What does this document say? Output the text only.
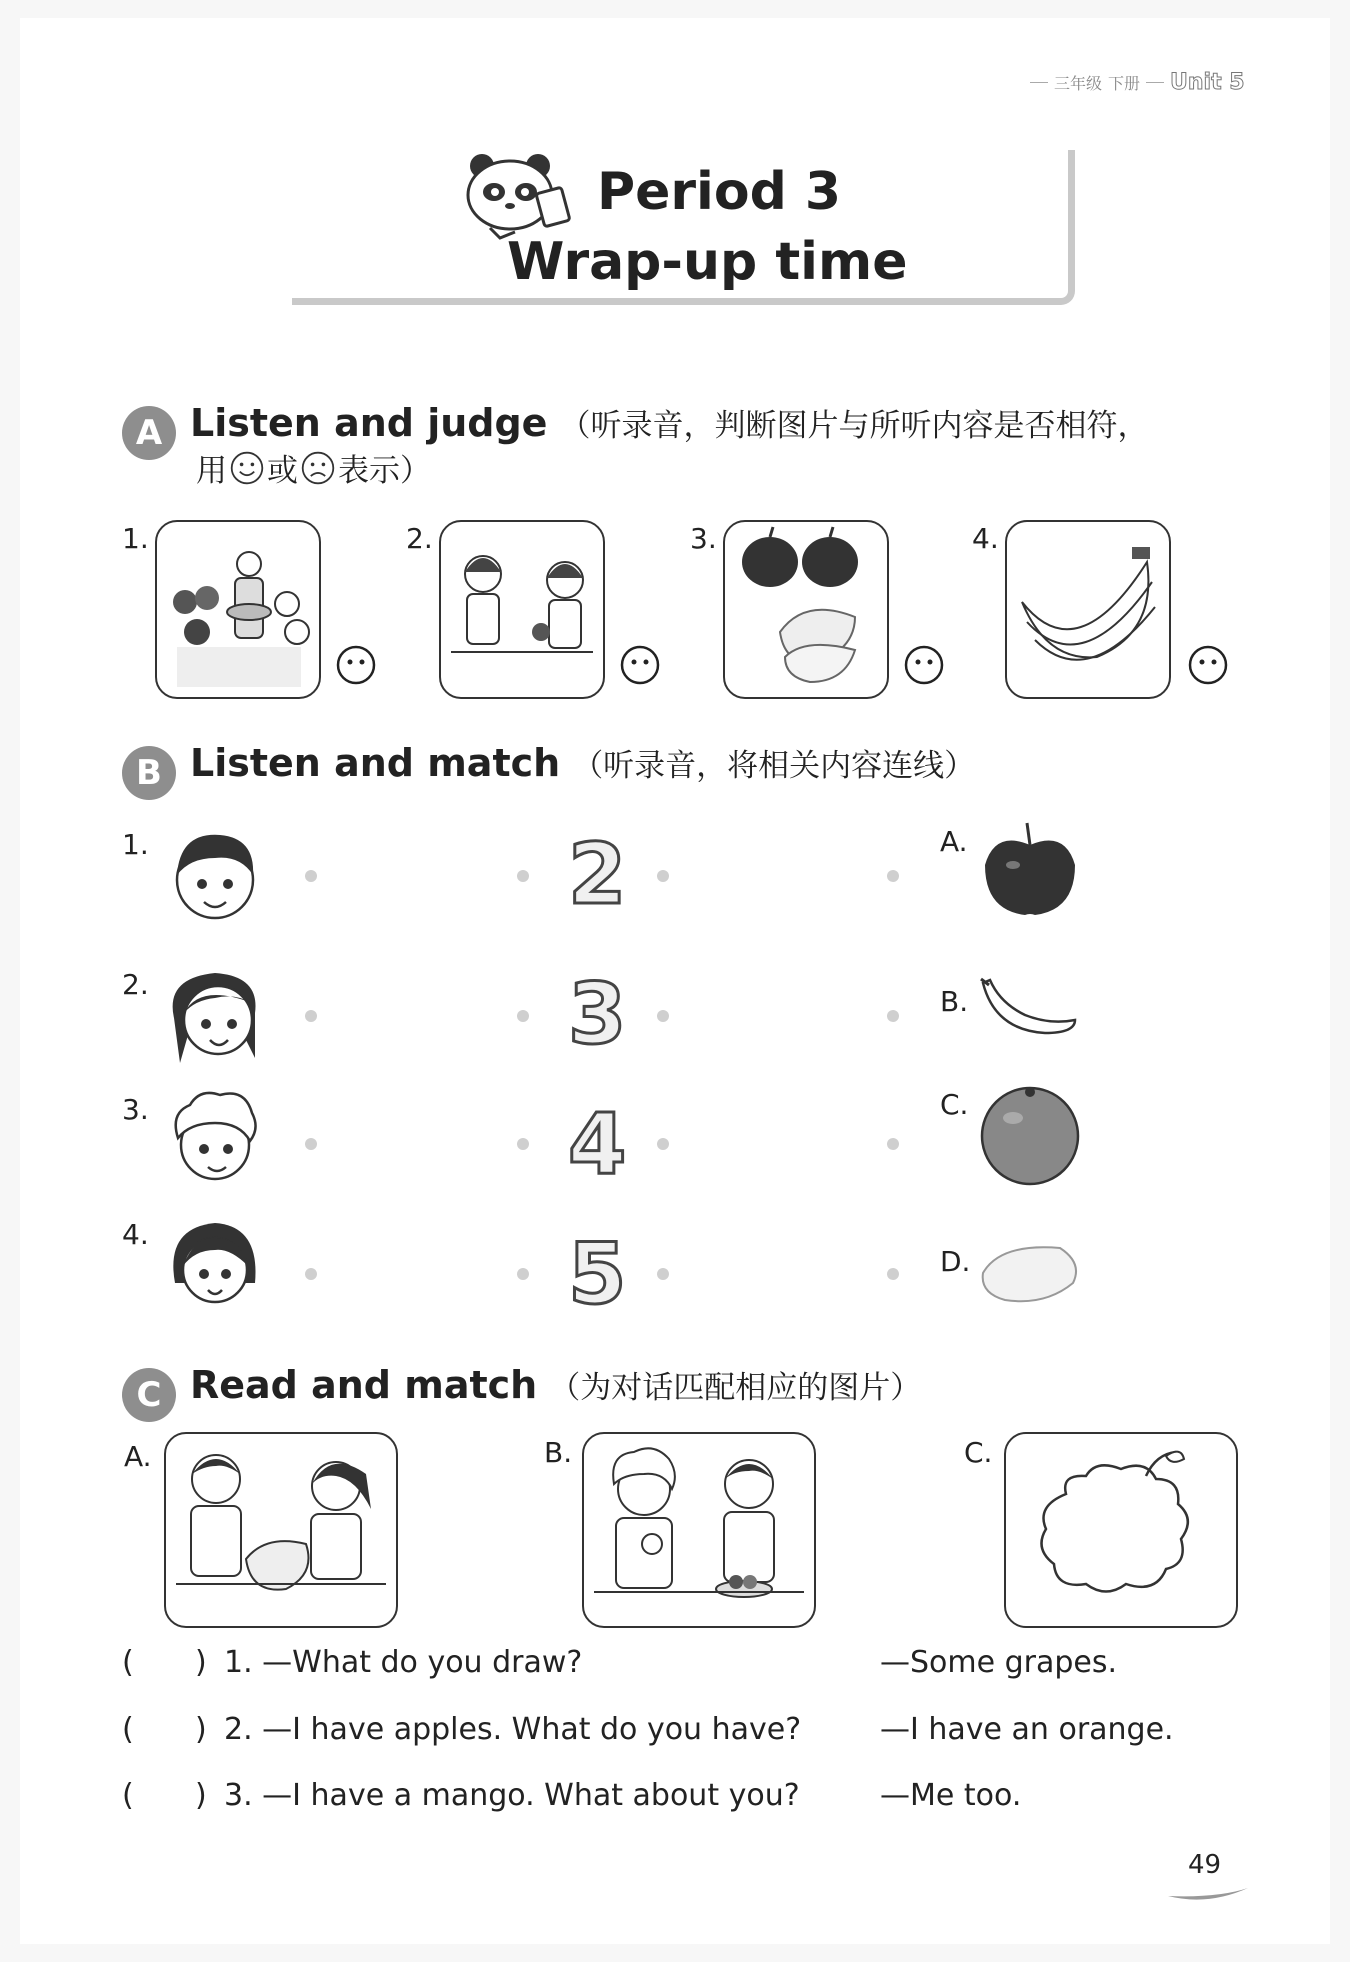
三年级 下册 Unit 5
Period 3
Wrap-up time
A Listen and judge （听录音，判断图片与所听内容是否相符，
用 或 表示）
1.	2.	3.	4.
B Listen and match （听录音，将相关内容连线）
1.	2	A.
2.	3	B.
3.	4	C.
4.	5	D.
C Read and match （为对话匹配相应的图片）
A.	B.	C.
( ) 1. —What do you draw?	—Some grapes.
( ) 2. —I have apples. What do you have?	—I have an orange.
( ) 3. —I have a mango. What about you?	—Me too.
49
